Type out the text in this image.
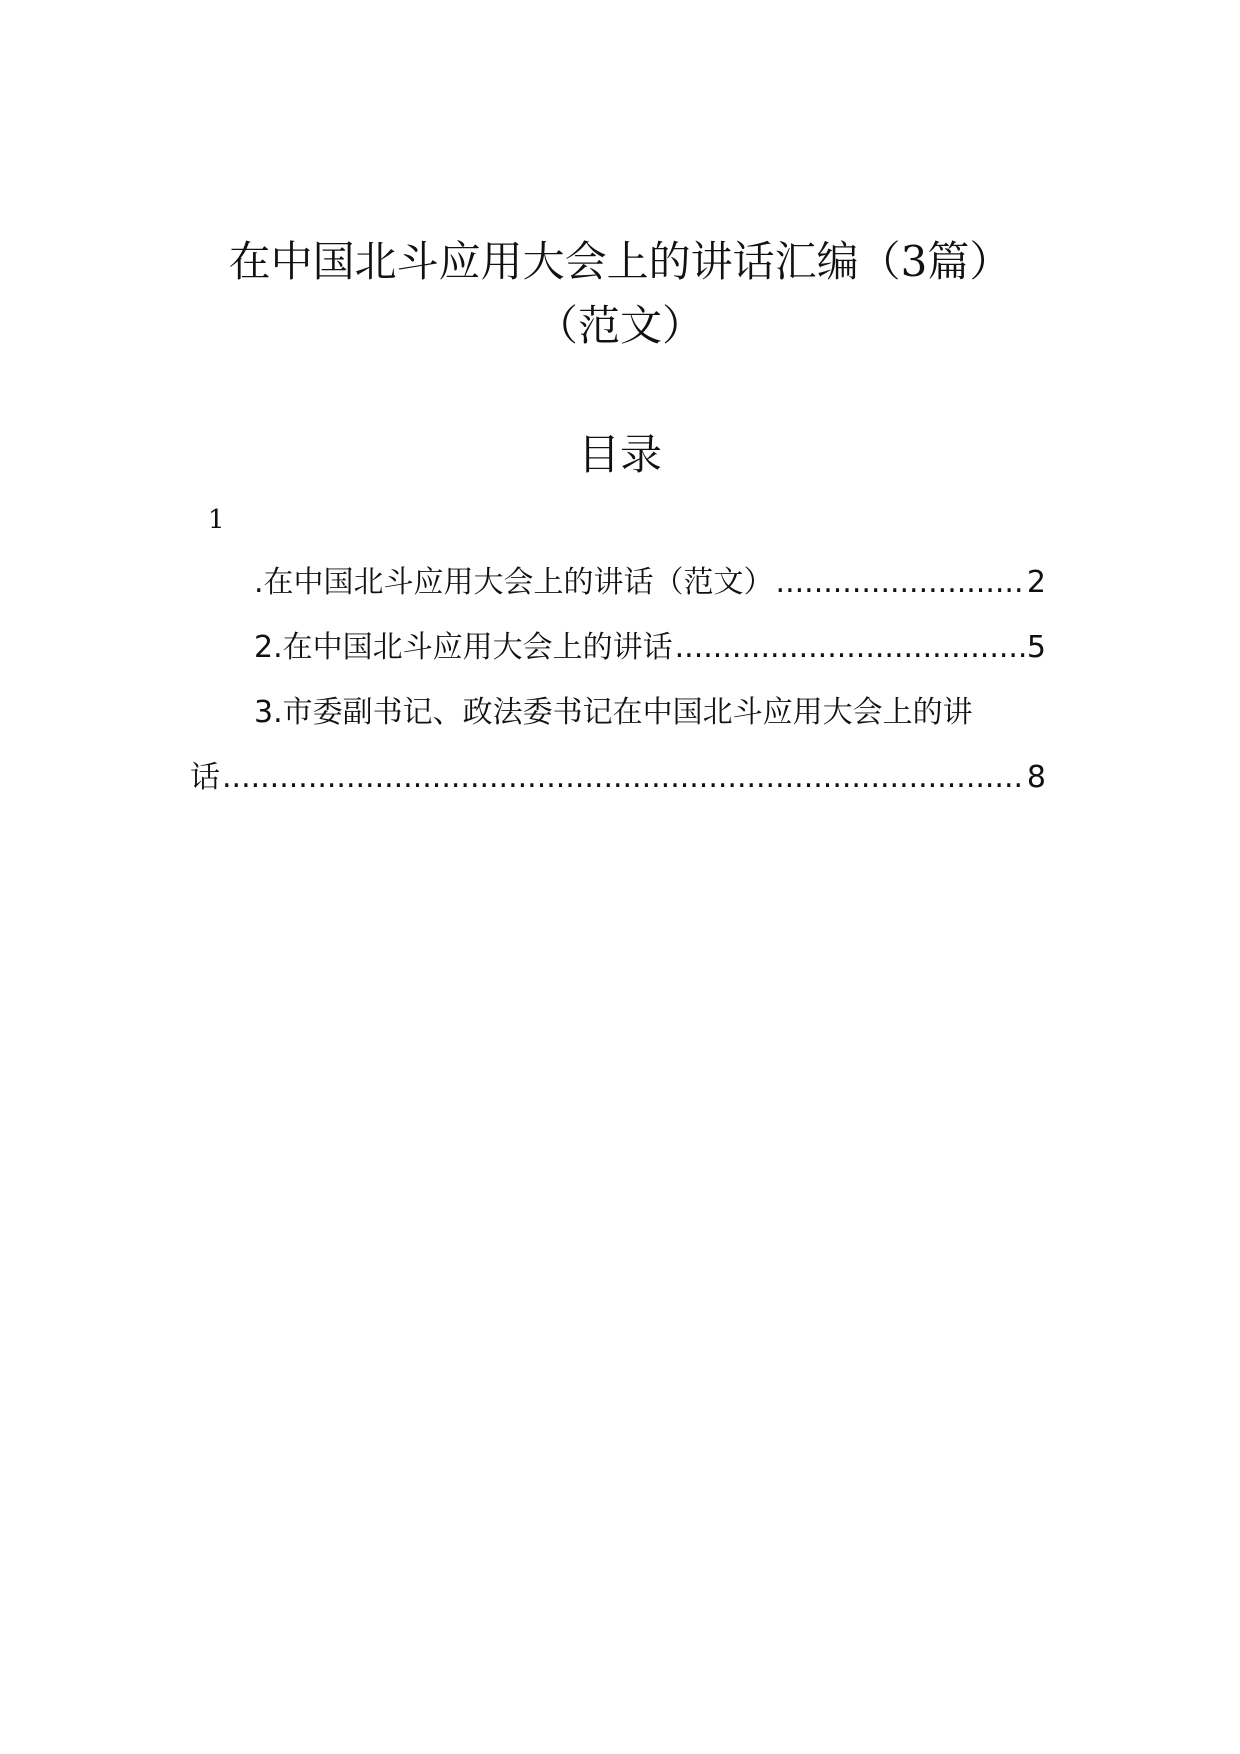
在中国北斗应用大会上的讲话汇编（3篇）
（范文）
目录
1
.在中国北斗应用大会上的讲话（范文） .....	2
2.在中国北斗应用大会上的讲话 .....	5
3.市委副书记、政法委书记在中国北斗应用大会上的讲
话 .....	8
